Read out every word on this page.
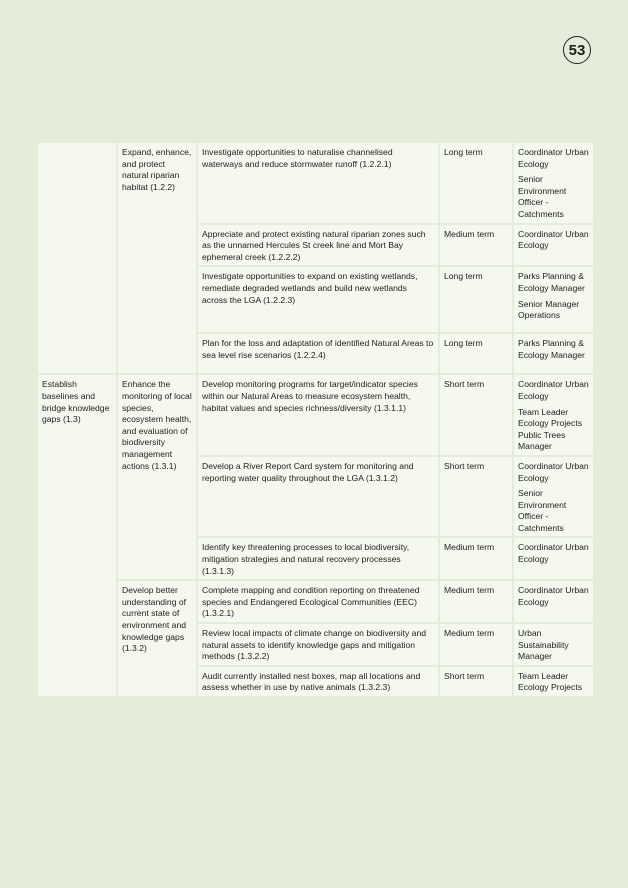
53
	Expand, enhance, and protect natural riparian habitat (1.2.2)	Investigate opportunities to naturalise channelised waterways and reduce stormwater runoff (1.2.2.1)	Long term	Coordinator Urban Ecology
Senior Environment Officer - Catchments

		Appreciate and protect existing natural riparian zones such as the unnamed Hercules St creek line and Mort Bay ephemeral creek (1.2.2.2)	Medium term	Coordinator Urban Ecology

		Investigate opportunities to expand on existing wetlands, remediate degraded wetlands and build new wetlands across the LGA (1.2.2.3)	Long term	Parks Planning & Ecology Manager
Senior Manager Operations

		Plan for the loss and adaptation of identified Natural Areas to sea level rise scenarios (1.2.2.4)	Long term	Parks Planning & Ecology Manager

Establish baselines and bridge knowledge gaps (1.3)	Enhance the monitoring of local species, ecosystem health, and evaluation of biodiversity management actions (1.3.1)	Develop monitoring programs for target/indicator species within our Natural Areas to measure ecosystem health, habitat values and species richness/diversity (1.3.1.1)	Short term	Coordinator Urban Ecology
Team Leader Ecology Projects Public Trees Manager

		Develop a River Report Card system for monitoring and reporting water quality throughout the LGA (1.3.1.2)	Short term	Coordinator Urban Ecology
Senior Environment Officer - Catchments

		Identify key threatening processes to local biodiversity, mitigation strategies and natural recovery processes (1.3.1.3)	Medium term	Coordinator Urban Ecology

	Develop better understanding of current state of environment and knowledge gaps (1.3.2)	Complete mapping and condition reporting on threatened species and Endangered Ecological Communities (EEC) (1.3.2.1)	Medium term	Coordinator Urban Ecology

		Review local impacts of climate change on biodiversity and natural assets to identify knowledge gaps and mitigation methods (1.3.2.2)	Medium term	Urban Sustainability Manager

		Audit currently installed nest boxes, map all locations and assess whether in use by native animals (1.3.2.3)	Short term	Team Leader Ecology Projects
